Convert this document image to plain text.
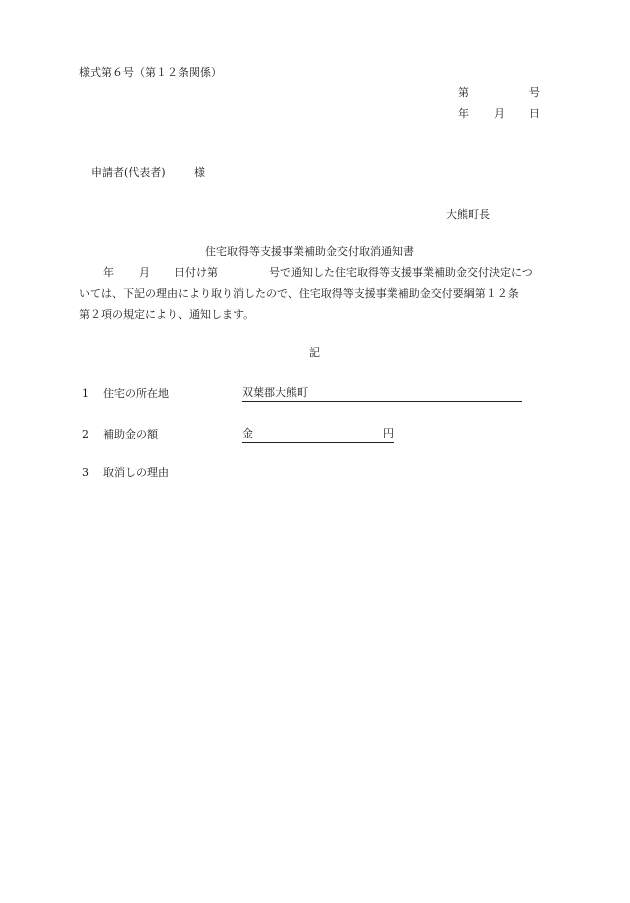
様式第６号（第１２条関係）
第	号
年 月 日
申請者(代表者)	様
大熊町長
住宅取得等支援事業補助金交付取消通知書
年 月 日付け第	号で通知した住宅取得等支援事業補助金交付決定につ
いては、下記の理由により取り消したので、住宅取得等支援事業補助金交付要綱第１２条
第２項の規定により、通知します。
記
1 住宅の所在地	双葉郡大熊町
2 補助金の額	金	円
3 取消しの理由
